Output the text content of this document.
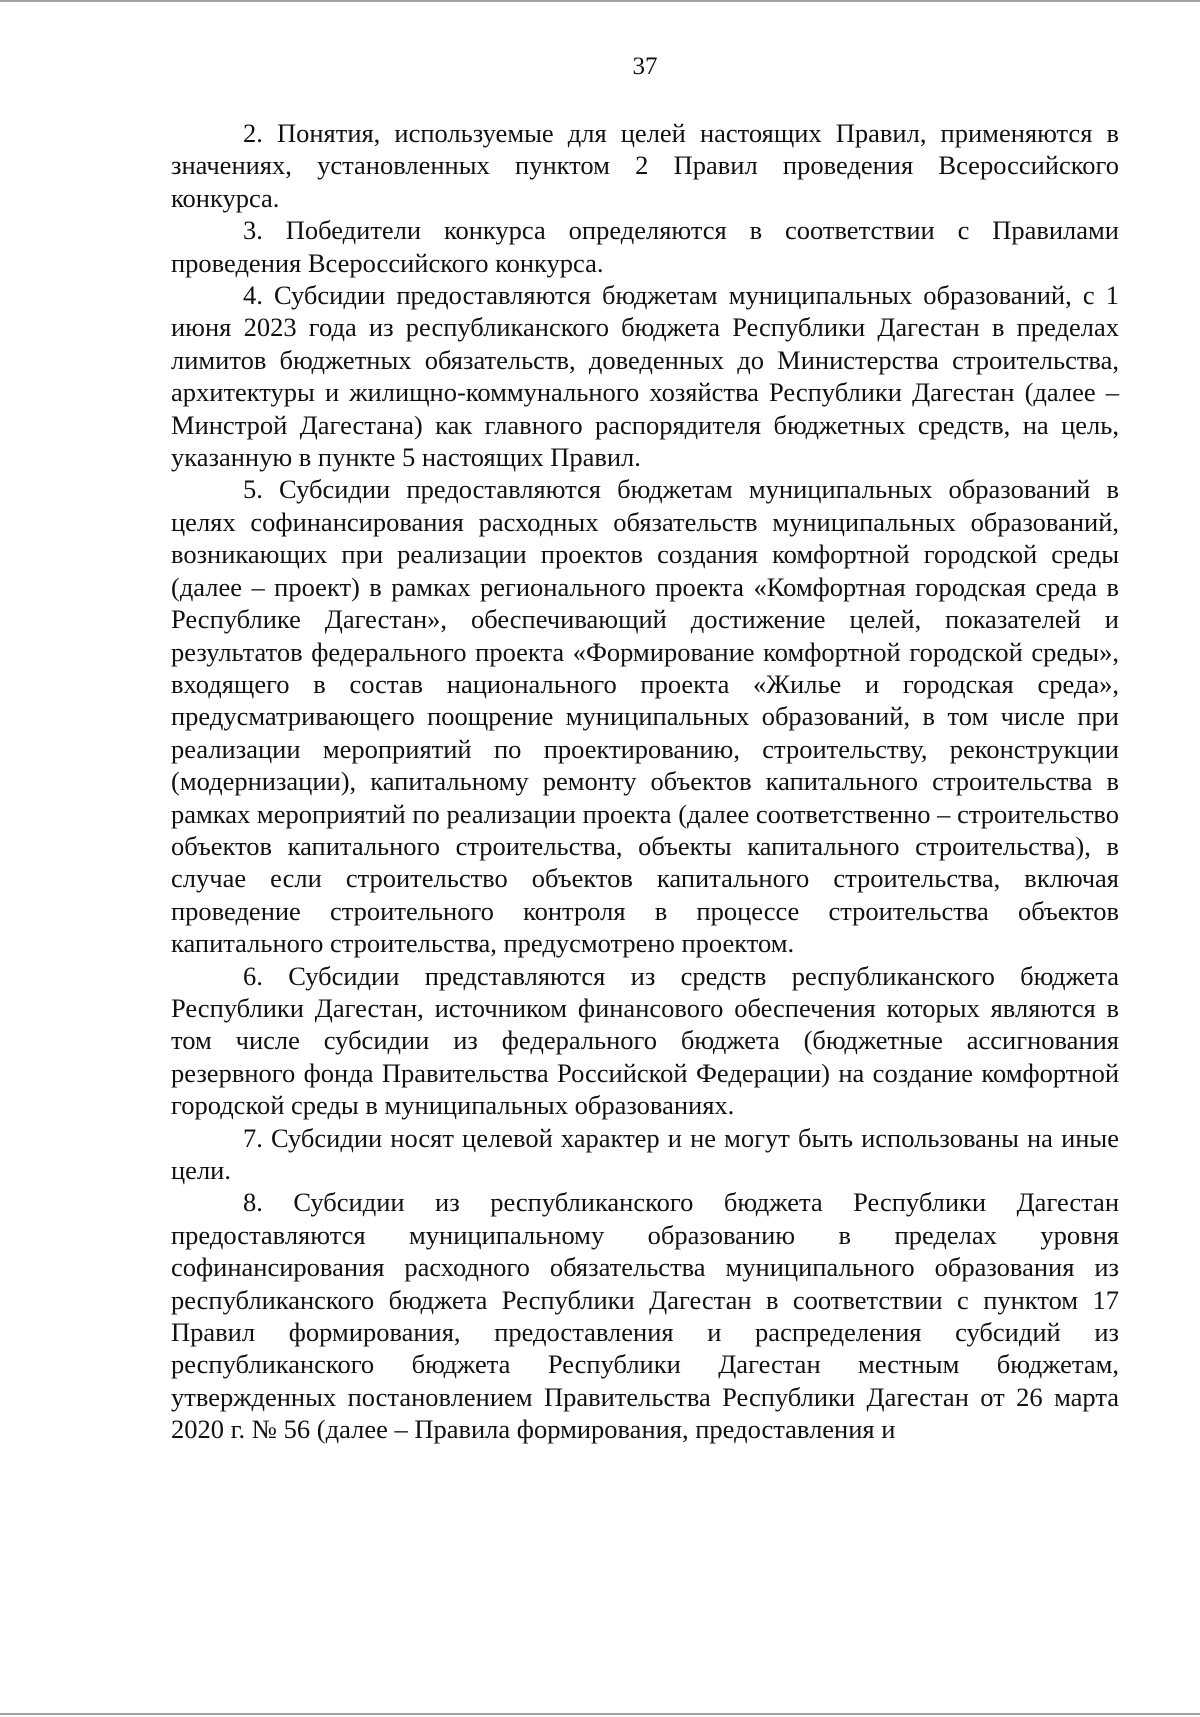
37

2. Понятия, используемые для целей настоящих Правил, применяются в значениях, установленных пунктом 2 Правил проведения Всероссийского конкурса.

3. Победители конкурса определяются в соответствии с Правилами проведения Всероссийского конкурса.

4. Субсидии предоставляются бюджетам муниципальных образований, с 1 июня 2023 года из республиканского бюджета Республики Дагестан в пределах лимитов бюджетных обязательств, доведенных до Министерства строительства, архитектуры и жилищно-коммунального хозяйства Республики Дагестан (далее – Минстрой Дагестана) как главного распорядителя бюджетных средств, на цель, указанную в пункте 5 настоящих Правил.

5. Субсидии предоставляются бюджетам муниципальных образований в целях софинансирования расходных обязательств муниципальных образований, возникающих при реализации проектов создания комфортной городской среды (далее – проект) в рамках регионального проекта «Комфортная городская среда в Республике Дагестан», обеспечивающий достижение целей, показателей и результатов федерального проекта «Формирование комфортной городской среды», входящего в состав национального проекта «Жилье и городская среда», предусматривающего поощрение муниципальных образований, в том числе при реализации мероприятий по проектированию, строительству, реконструкции (модернизации), капитальному ремонту объектов капитального строительства в рамках мероприятий по реализации проекта (далее соответственно – строительство объектов капитального строительства, объекты капитального строительства), в случае если строительство объектов капитального строительства, включая проведение строительного контроля в процессе строительства объектов капитального строительства, предусмотрено проектом.

6. Субсидии представляются из средств республиканского бюджета Республики Дагестан, источником финансового обеспечения которых являются в том числе субсидии из федерального бюджета (бюджетные ассигнования резервного фонда Правительства Российской Федерации) на создание комфортной городской среды в муниципальных образованиях.

7. Субсидии носят целевой характер и не могут быть использованы на иные цели.

8. Субсидии из республиканского бюджета Республики Дагестан предоставляются муниципальному образованию в пределах уровня софинансирования расходного обязательства муниципального образования из республиканского бюджета Республики Дагестан в соответствии с пунктом 17 Правил формирования, предоставления и распределения субсидий из республиканского бюджета Республики Дагестан местным бюджетам, утвержденных постановлением Правительства Республики Дагестан от 26 марта 2020 г. № 56 (далее – Правила формирования, предоставления и
